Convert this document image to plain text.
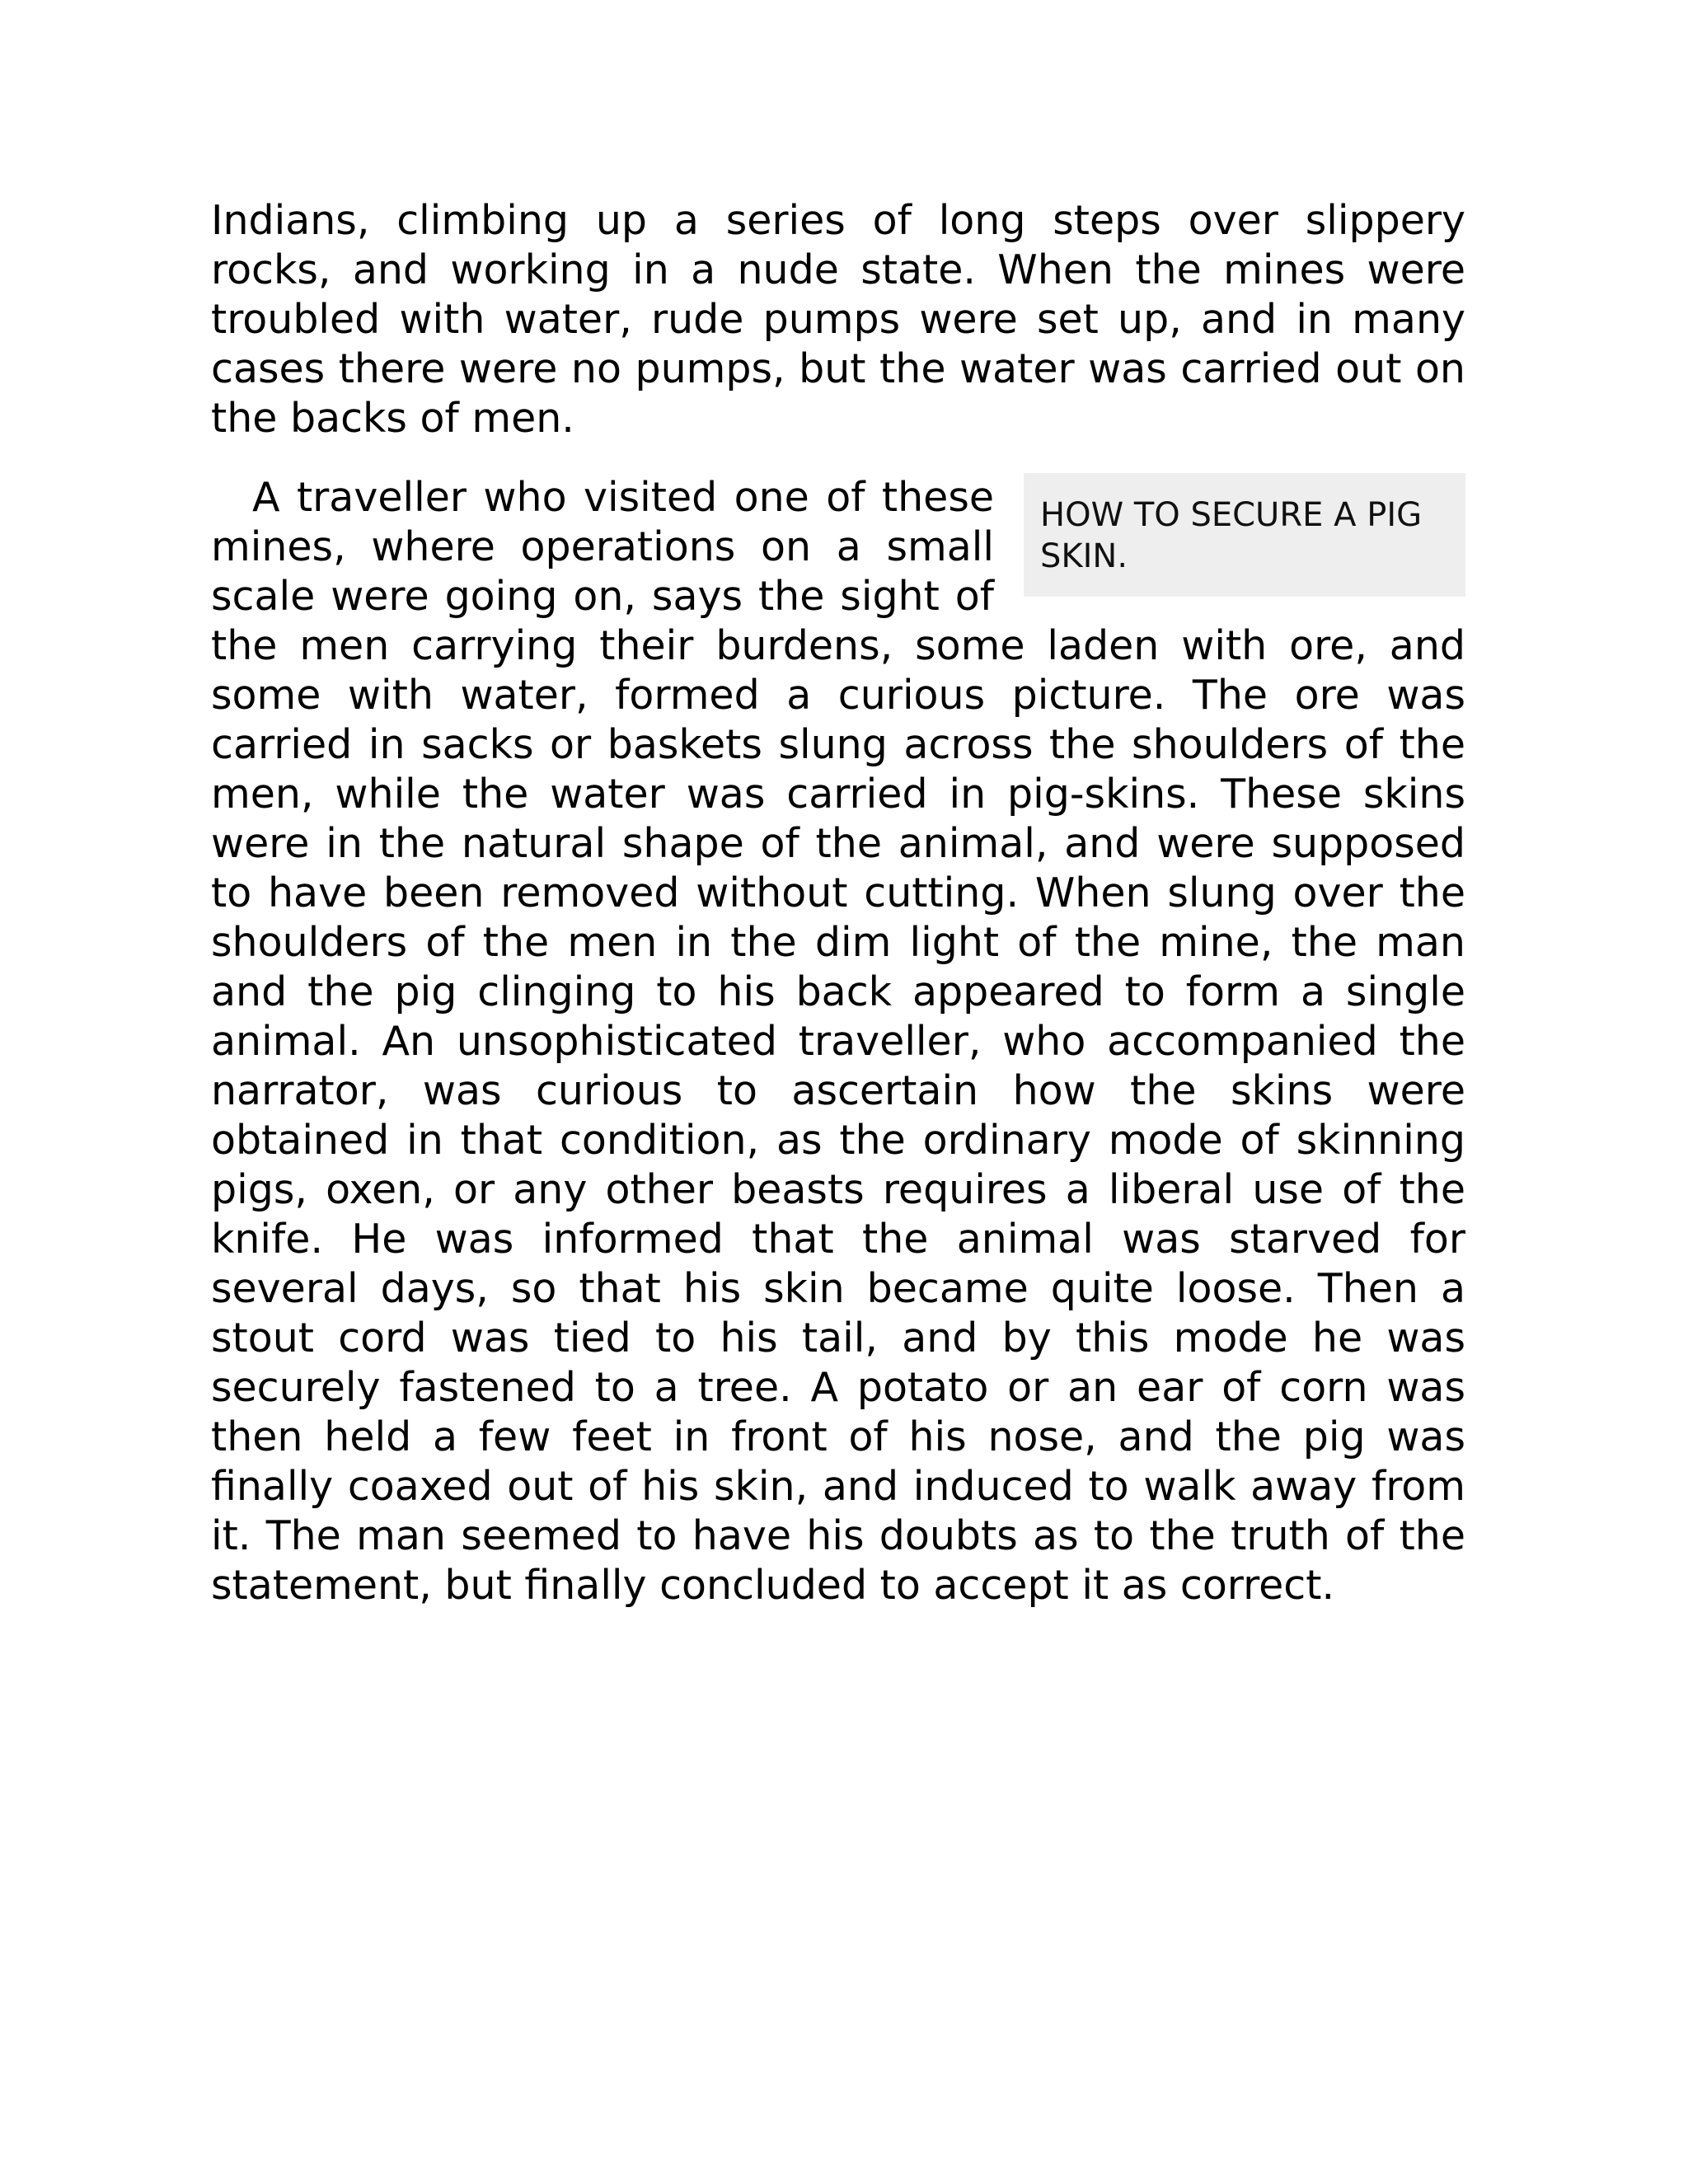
Indians, climbing up a series of long steps over slippery rocks, and working in a nude state. When the mines were troubled with water, rude pumps were set up, and in many cases there were no pumps, but the water was carried out on the backs of men.

HOW TO SECURE A PIG SKIN.
A traveller who visited one of these mines, where operations on a small scale were going on, says the sight of the men carrying their burdens, some laden with ore, and some with water, formed a curious picture. The ore was carried in sacks or baskets slung across the shoulders of the men, while the water was carried in pig-skins. These skins were in the natural shape of the animal, and were supposed to have been removed without cutting. When slung over the shoulders of the men in the dim light of the mine, the man and the pig clinging to his back appeared to form a single animal. An unsophisticated traveller, who accompanied the narrator, was curious to ascertain how the skins were obtained in that condition, as the ordinary mode of skinning pigs, oxen, or any other beasts requires a liberal use of the knife. He was informed that the animal was starved for several days, so that his skin became quite loose. Then a stout cord was tied to his tail, and by this mode he was securely fastened to a tree. A potato or an ear of corn was then held a few feet in front of his nose, and the pig was finally coaxed out of his skin, and induced to walk away from it. The man seemed to have his doubts as to the truth of the statement, but finally concluded to accept it as correct.
